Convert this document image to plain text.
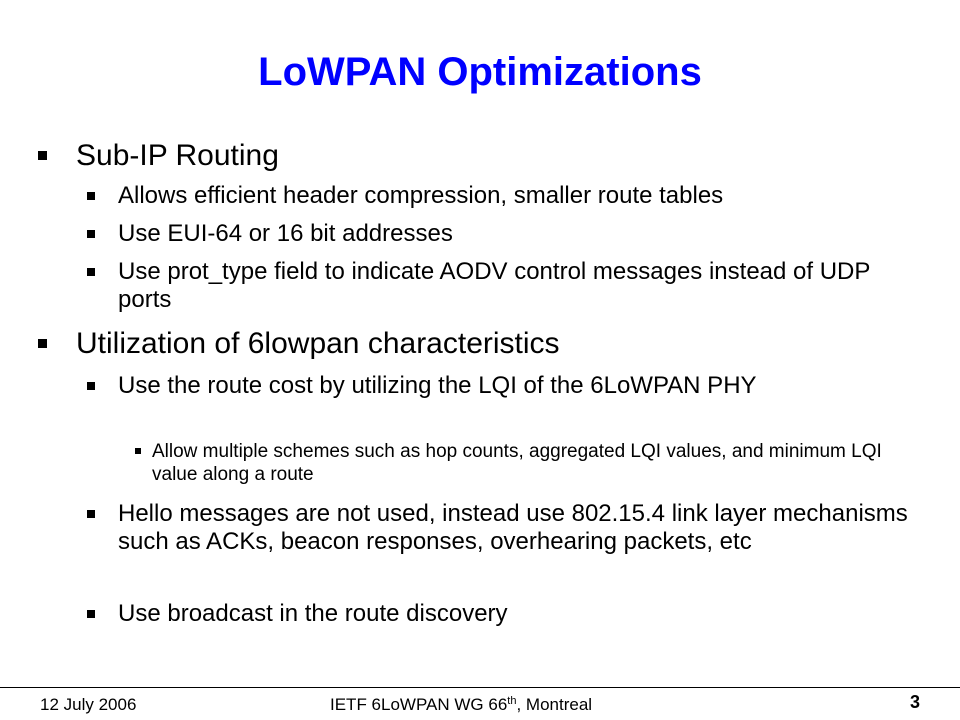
LoWPAN Optimizations
Sub-IP Routing
Allows efficient header compression, smaller route tables
Use EUI-64 or 16 bit addresses
Use prot_type field to indicate AODV control messages instead of UDP ports
Utilization of 6lowpan characteristics
Use the route cost by utilizing the LQI of the 6LoWPAN PHY
Allow multiple schemes such as hop counts, aggregated LQI values, and minimum LQI value along a route
Hello messages are not used, instead use 802.15.4 link layer mechanisms such as ACKs, beacon responses, overhearing packets, etc
Use broadcast in the route discovery
12 July 2006	IETF 6LoWPAN WG 66th, Montreal	3
